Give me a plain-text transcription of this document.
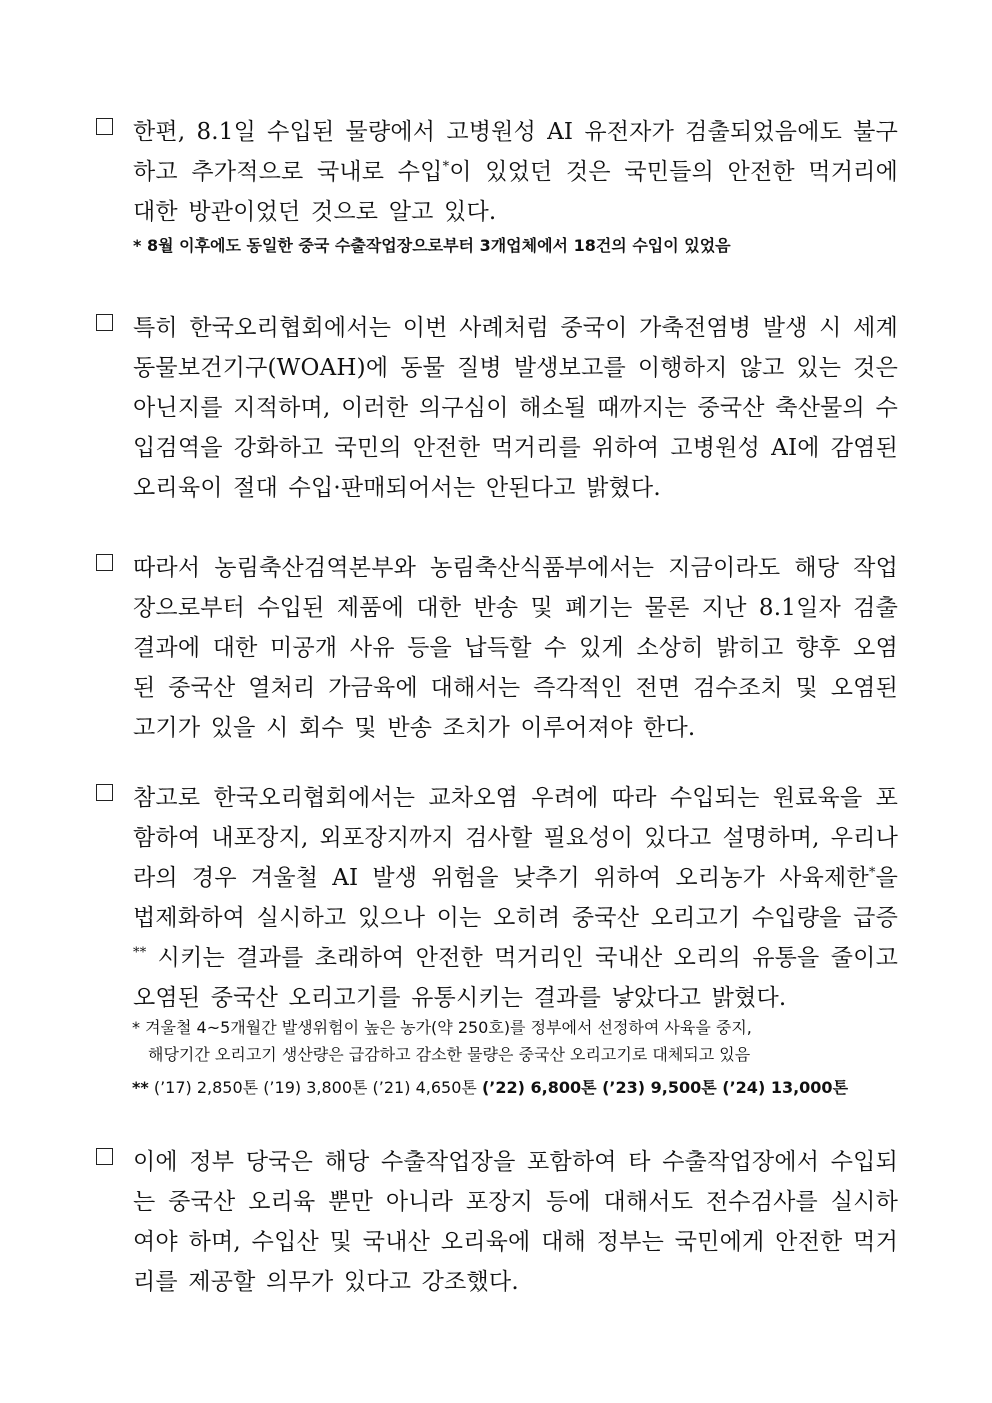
한편, 8.1일 수입된 물량에서 고병원성 AI 유전자가 검출되었음에도 불구하고 추가적으로 국내로 수입*이 있었던 것은 국민들의 안전한 먹거리에 대한 방관이었던 것으로 알고 있다.
* 8월 이후에도 동일한 중국 수출작업장으로부터 3개업체에서 18건의 수입이 있었음
특히 한국오리협회에서는 이번 사례처럼 중국이 가축전염병 발생 시 세계동물보건기구(WOAH)에 동물 질병 발생보고를 이행하지 않고 있는 것은 아닌지를 지적하며, 이러한 의구심이 해소될 때까지는 중국산 축산물의 수입검역을 강화하고 국민의 안전한 먹거리를 위하여 고병원성 AI에 감염된 오리육이 절대 수입·판매되어서는 안된다고 밝혔다.
따라서 농림축산검역본부와 농림축산식품부에서는 지금이라도 해당 작업장으로부터 수입된 제품에 대한 반송 및 폐기는 물론 지난 8.1일자 검출결과에 대한 미공개 사유 등을 납득할 수 있게 소상히 밝히고 향후 오염된 중국산 열처리 가금육에 대해서는 즉각적인 전면 검수조치 및 오염된 고기가 있을 시 회수 및 반송 조치가 이루어져야 한다.
참고로 한국오리협회에서는 교차오염 우려에 따라 수입되는 원료육을 포함하여 내포장지, 외포장지까지 검사할 필요성이 있다고 설명하며, 우리나라의 경우 겨울철 AI 발생 위험을 낮추기 위하여 오리농가 사육제한*을 법제화하여 실시하고 있으나 이는 오히려 중국산 오리고기 수입량을 급증** 시키는 결과를 초래하여 안전한 먹거리인 국내산 오리의 유통을 줄이고 오염된 중국산 오리고기를 유통시키는 결과를 낳았다고 밝혔다.
* 겨울철 4~5개월간 발생위험이 높은 농가(약 250호)를 정부에서 선정하여 사육을 중지,
해당기간 오리고기 생산량은 급감하고 감소한 물량은 중국산 오리고기로 대체되고 있음
** (’17) 2,850톤 (’19) 3,800톤 (’21) 4,650톤 (’22) 6,800톤 (’23) 9,500톤 (’24) 13,000톤
이에 정부 당국은 해당 수출작업장을 포함하여 타 수출작업장에서 수입되는 중국산 오리육 뿐만 아니라 포장지 등에 대해서도 전수검사를 실시하여야 하며, 수입산 및 국내산 오리육에 대해 정부는 국민에게 안전한 먹거리를 제공할 의무가 있다고 강조했다.
